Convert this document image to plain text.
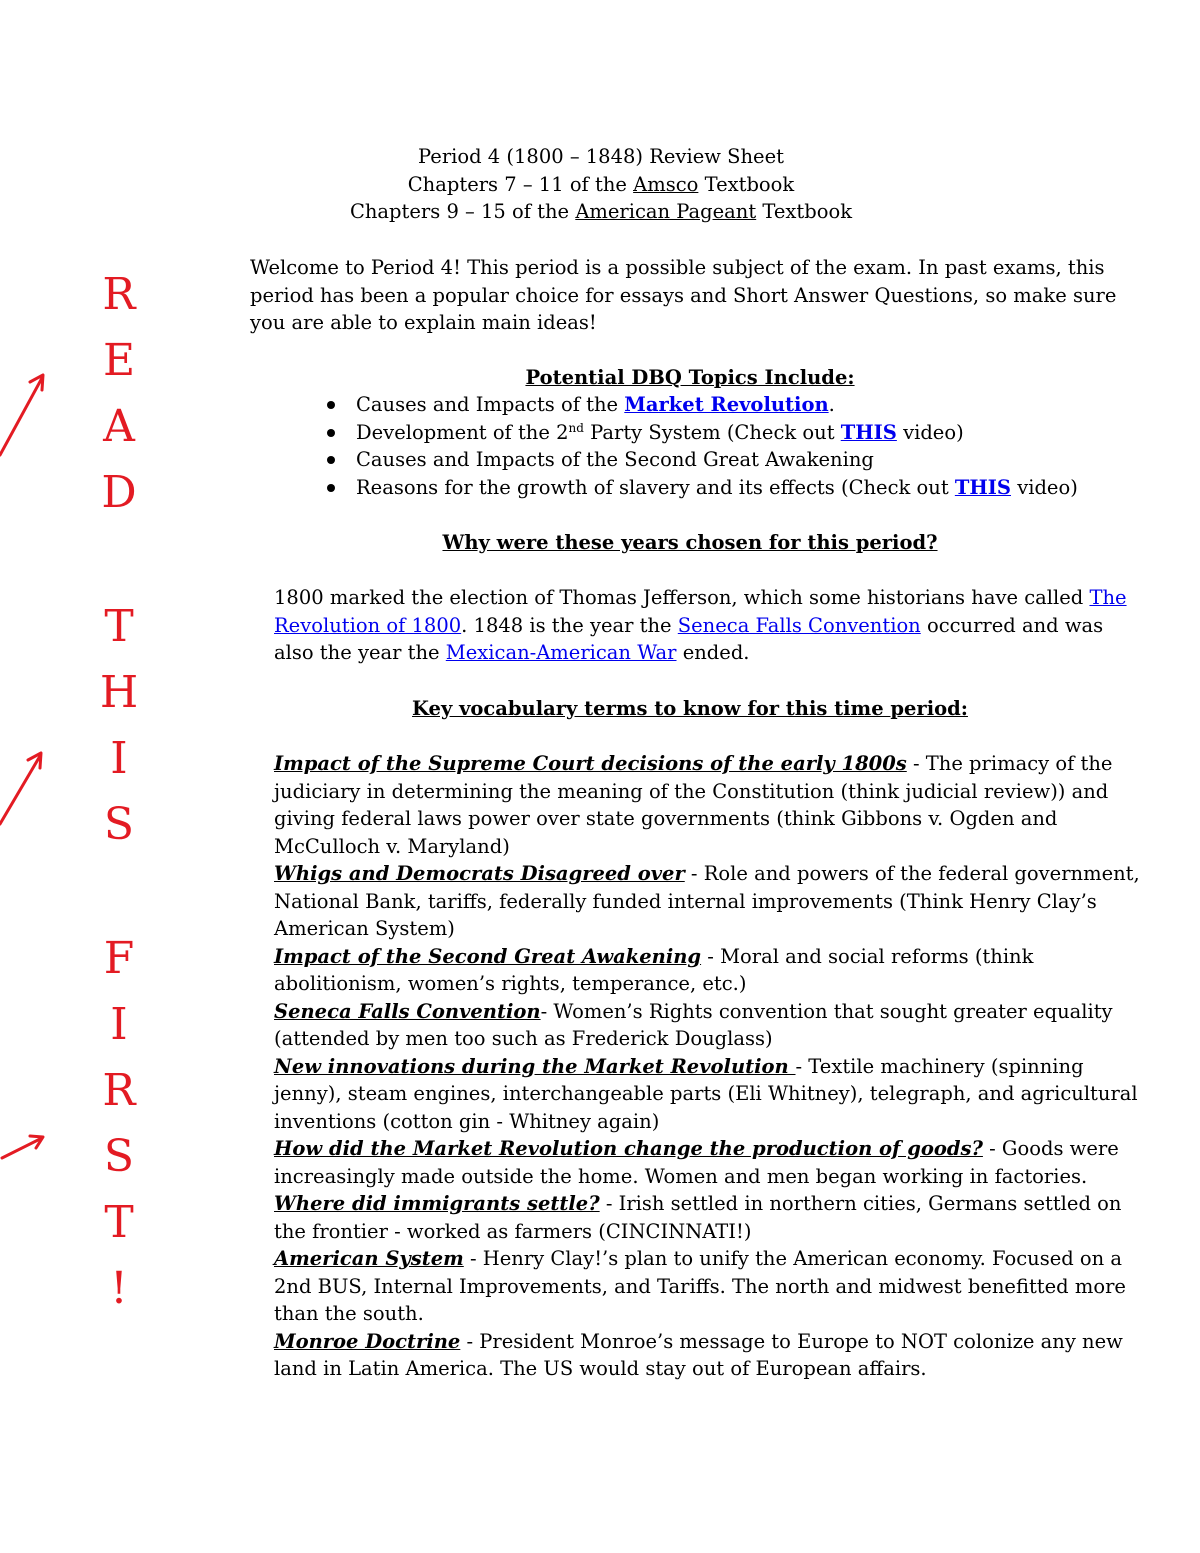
Period 4 (1800 – 1848) Review Sheet
Chapters 7 – 11 of the Amsco Textbook
Chapters 9 – 15 of the American Pageant Textbook
Welcome to Period 4! This period is a possible subject of the exam. In past exams, this period has been a popular choice for essays and Short Answer Questions, so make sure you are able to explain main ideas!
Potential DBQ Topics Include:
Causes and Impacts of the Market Revolution.
Development of the 2nd Party System (Check out THIS video)
Causes and Impacts of the Second Great Awakening
Reasons for the growth of slavery and its effects (Check out THIS video)
Why were these years chosen for this period?
1800 marked the election of Thomas Jefferson, which some historians have called The Revolution of 1800. 1848 is the year the Seneca Falls Convention occurred and was also the year the Mexican-American War ended.
Key vocabulary terms to know for this time period:

Impact of the Supreme Court decisions of the early 1800s - The primacy of the judiciary in determining the meaning of the Constitution (think judicial review)) and giving federal laws power over state governments (think Gibbons v. Ogden and McCulloch v. Maryland)

Whigs and Democrats Disagreed over - Role and powers of the federal government, National Bank, tariffs, federally funded internal improvements (Think Henry Clay’s American System)

Impact of the Second Great Awakening - Moral and social reforms (think abolitionism, women’s rights, temperance, etc.)

Seneca Falls Convention- Women’s Rights convention that sought greater equality (attended by men too such as Frederick Douglass)

New innovations during the Market Revolution - Textile machinery (spinning jenny), steam engines, interchangeable parts (Eli Whitney), telegraph, and agricultural inventions (cotton gin - Whitney again)

How did the Market Revolution change the production of goods? - Goods were increasingly made outside the home. Women and men began working in factories.

Where did immigrants settle? - Irish settled in northern cities, Germans settled on the frontier - worked as farmers (CINCINNATI!)

American System - Henry Clay!’s plan to unify the American economy. Focused on a 2nd BUS, Internal Improvements, and Tariffs. The north and midwest benefitted more than the south.

Monroe Doctrine - President Monroe’s message to Europe to NOT colonize any new land in Latin America. The US would stay out of European affairs.

R
E
A
D
T
H
I
S
F
I
R
S
T
!
